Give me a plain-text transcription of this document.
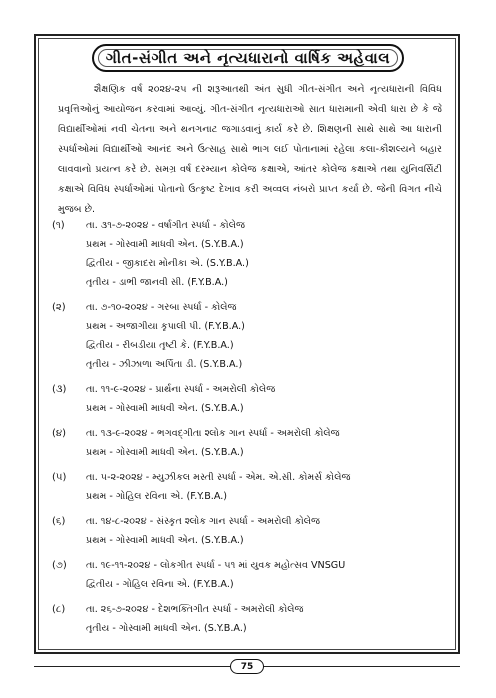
ગીત-સંગીત અને નૃત્યધારાનો વાર્ષિક અહેવાલ

શૈક્ષણિક વર્ષ ૨૦૨૪-૨૫ ની શરૂઆતથી અંત સુધી ગીત-સંગીત અને નૃત્યધારાની વિવિધ પ્રવૃત્તિઓનું આયોજન કરવામાં આવ્યું. ગીત-સંગીત નૃત્યધારાઓ સાત ધારામાની એવી ધારા છે કે જે વિદ્યાર્થીઓમાં નવી ચેતના અને થનગનાટ જગાડવાનું કાર્ય કરે છે. શિક્ષણની સાથે સાથે આ ધારાની સ્પર્ધાઓમાં વિદ્યાર્થીઓ આનંદ અને ઉત્સાહ સાથે ભાગ લઈ પોતાનામાં રહેલા કલા-કૌશલ્યને બહાર લાવવાનો પ્રયત્ન કરે છે. સમગ્ર વર્ષ દરમ્યાન કોલેજ કક્ષાએ, આંતર કોલેજ કક્ષાએ તથા યુનિવર્સિટી કક્ષાએ વિવિધ સ્પર્ધાઓમાં પોતાનો ઉત્કૃષ્ટ દેખાવ કરી અવ્વલ નંબરો પ્રાપ્ત કર્યા છે. જેની વિગત નીચે મુજબ છે.

(૧)	તા. ૩૧-૭-૨૦૨૪ - વર્ષાગીત સ્પર્ધા - કોલેજ
પ્રથમ - ગોસ્વામી માધવી એન. (S.Y.B.A.)
દ્વિતીય - જીકાદરા મોનીકા એ. (S.Y.B.A.)
તૃતીય - ડાભી જાનવી સી. (F.Y.B.A.)
(૨)	તા. ૭-૧૦-૨૦૨૪ - ગરબા સ્પર્ધા - કોલેજ
પ્રથમ - અજાગીયા કૃપાલી પી. (F.Y.B.A.)
દ્વિતીય - રીબડીયા તૃષ્ટી કે. (F.Y.B.A.)
તૃતીય - ઝીઝાળા અર્પિતા ડી. (S.Y.B.A.)
(૩)	તા. ૧૧-૯-૨૦૨૪ - પ્રાર્થના સ્પર્ધા - અમરોલી કોલેજ
પ્રથમ - ગોસ્વામી માધવી એન. (S.Y.B.A.)
(૪)	તા. ૧૩-૯-૨૦૨૪ - ભગવદ્ગીતા શ્લોક ગાન સ્પર્ધા - અમરોલી કોલેજ
પ્રથમ - ગોસ્વામી માધવી એન. (S.Y.B.A.)
(૫)	તા. ૫-૨-૨૦૨૪ - મ્યુઝીકલ મસ્તી સ્પર્ધા - એમ. એ.સી. કોમર્સ કોલેજ
પ્રથમ - ગોહિલ રવિના એ. (F.Y.B.A.)
(૬)	તા. ૧૪-૮-૨૦૨૪ - સંસ્કૃત શ્લોક ગાન સ્પર્ધા - અમરોલી કોલેજ
પ્રથમ - ગોસ્વામી માધવી એન. (S.Y.B.A.)
(૭)	તા. ૧૯-૧૧-૨૦૨૪ - લોકગીત સ્પર્ધા - ૫૧ માં યુવક મહોત્સવ VNSGU
દ્વિતીય - ગોહિલ રવિના એ. (F.Y.B.A.)
(૮)	તા. ૨૬-૭-૨૦૨૪ - દેશભક્તિગીત સ્પર્ધા - અમરોલી કોલેજ
તૃતીય - ગોસ્વામી માધવી એન. (S.Y.B.A.)
75
